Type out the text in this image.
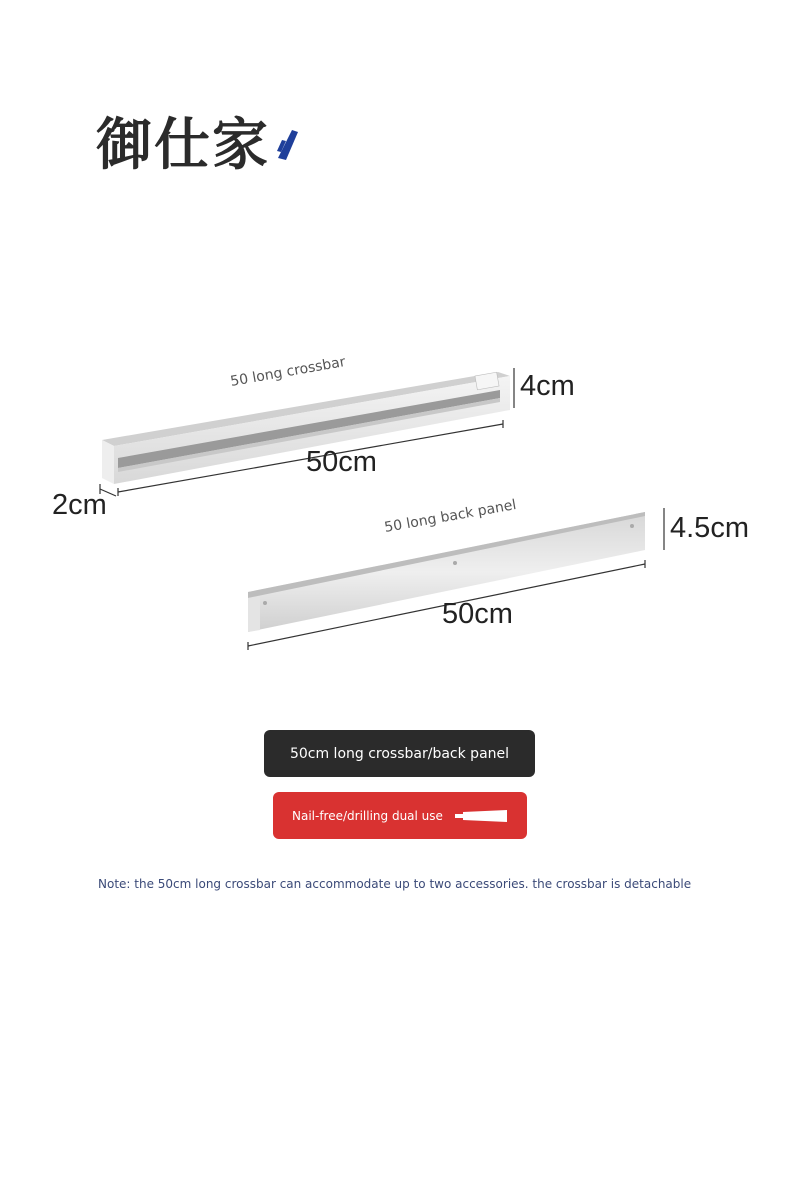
御仕家
50 long crossbar	4cm
50cm
2cm	50 long back panel	4.5cm
50cm
50cm long crossbar/back panel
Nail-free/drilling dual use
Note: the 50cm long crossbar can accommodate up to two accessories. the crossbar is detachable
